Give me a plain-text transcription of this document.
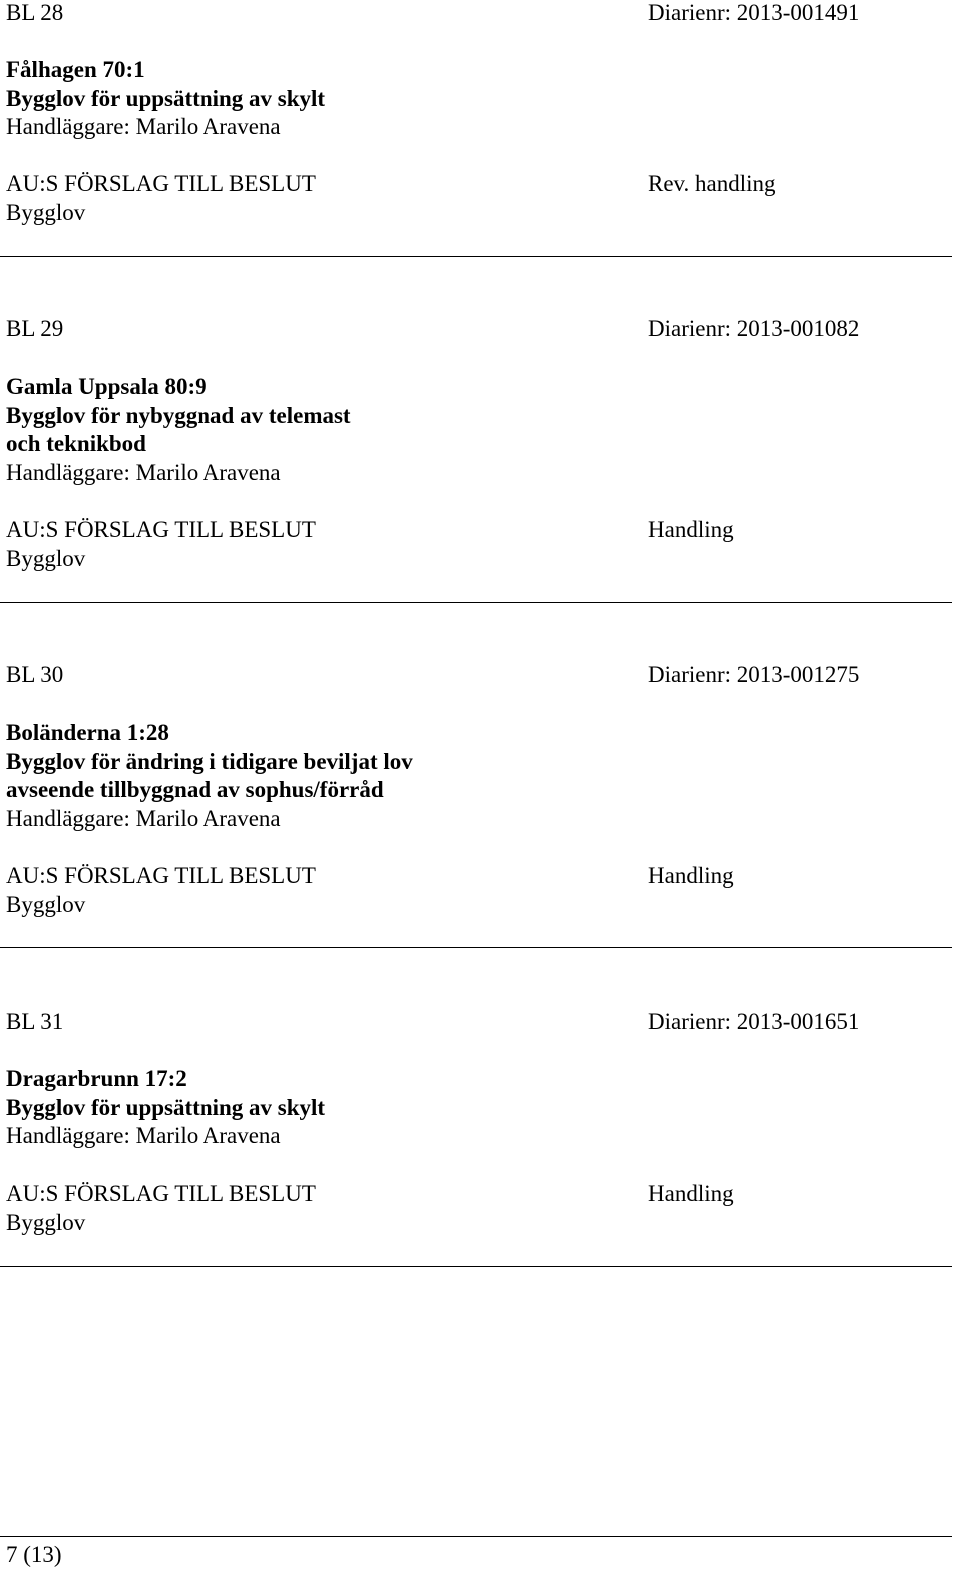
BL 28	Diarienr: 2013-001491
Fålhagen 70:1
Bygglov för uppsättning av skylt
Handläggare: Marilo Aravena
AU:S FÖRSLAG TILL BESLUT	Rev. handling
Bygglov
BL 29	Diarienr: 2013-001082
Gamla Uppsala 80:9
Bygglov för nybyggnad av telemast
och teknikbod
Handläggare: Marilo Aravena
AU:S FÖRSLAG TILL BESLUT	Handling
Bygglov
BL 30	Diarienr: 2013-001275
Boländerna 1:28
Bygglov för ändring i tidigare beviljat lov
avseende tillbyggnad av sophus/förråd
Handläggare: Marilo Aravena
AU:S FÖRSLAG TILL BESLUT	Handling
Bygglov
BL 31	Diarienr: 2013-001651
Dragarbrunn 17:2
Bygglov för uppsättning av skylt
Handläggare: Marilo Aravena
AU:S FÖRSLAG TILL BESLUT	Handling
Bygglov
7 (13)
